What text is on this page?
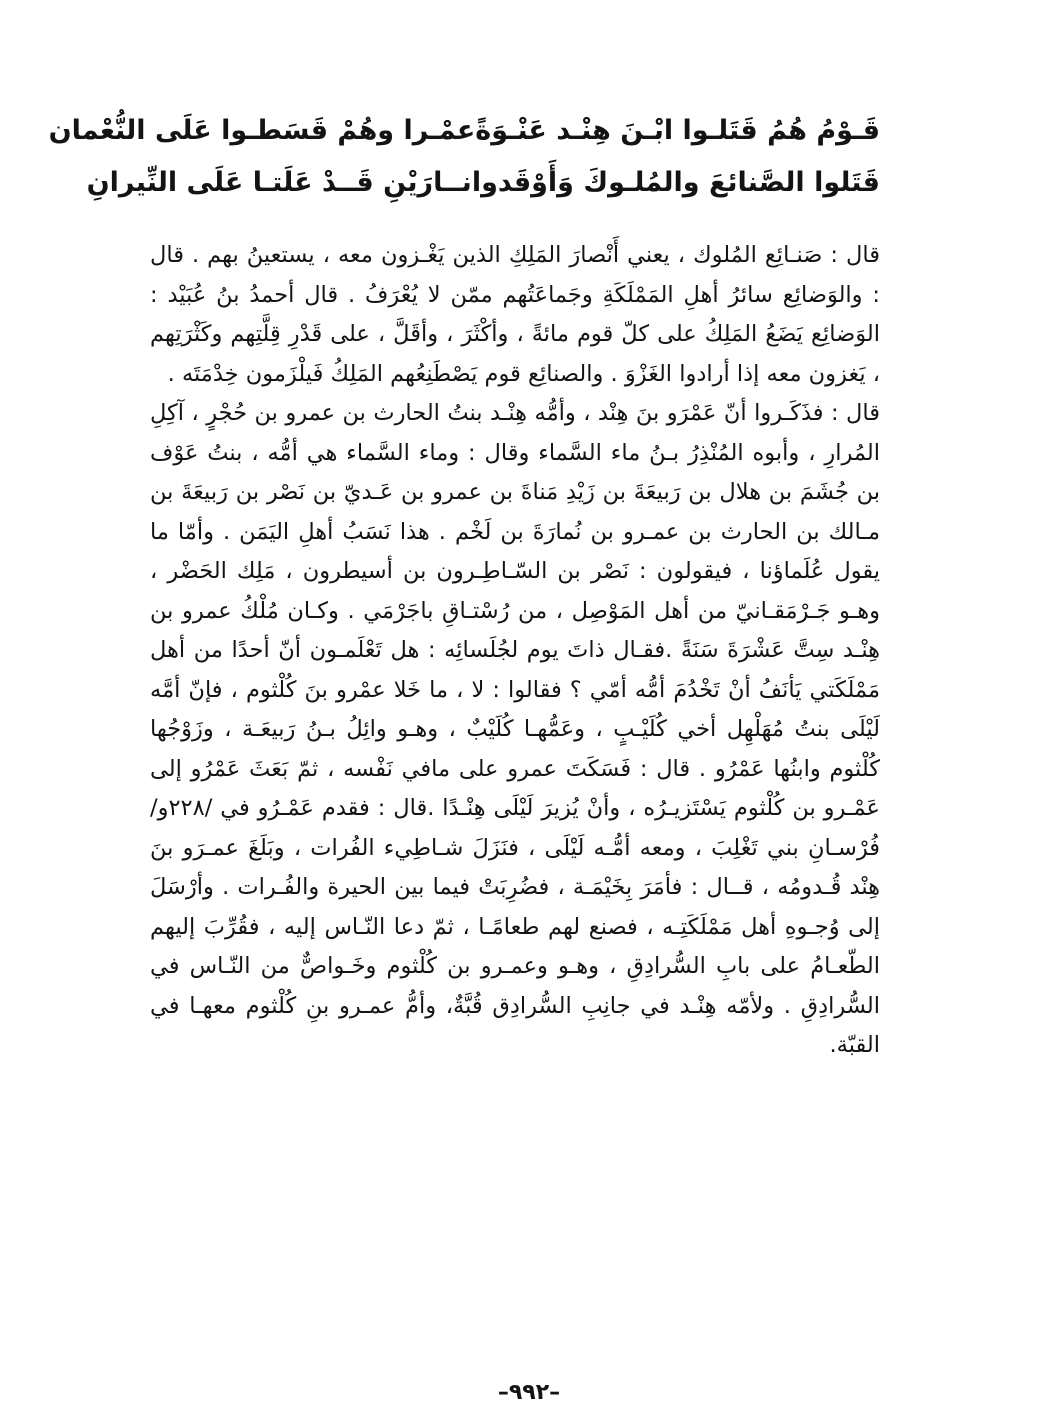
قَـوْمُ هُمُ قَتَلـوا ابْـنَ هِنْـد عَنْـوَةً
عمْـرا وهُمْ قَسَطـوا عَلَى النُّعْمان
قَتَلوا الصَّنائعَ والمُلـوكَ وَأَوْقَدوا
نــارَيْنِ قَــدْ عَلَتـا عَلَى النِّيرانِ

قال : صَنـائِع المُلوك ، يعني أَنْصارَ المَلِكِ الذين يَغْـزون معه ، يستعينُ بهم . قال : والوَضائِع سائرُ أهلِ المَمْلَكَةِ وجَماعَتُهم ممّن لا يُعْرَفُ . قال أحمدُ بنُ عُبَيْد : الوَضائِع يَضَعُ المَلِكُ على كلّ قوم مائةً ، وأكْثَرَ ، وأقَلَّ ، على قَدْرِ قِلَّتِهم وكَثْرَتِهم ، يَغزون معه إذا أرادوا الغَزْوَ . والصنائِع قوم يَصْطَنِعُهم المَلِكُ فَيلْزَمون خِدْمَتَه .

قال : فذَكَـروا أنّ عَمْرَو بنَ هِنْد ، وأمُّه هِنْـد بنتُ الحارث بن عمرو بن حُجْرٍ ، آكِلِ المُرارِ ، وأبوه المُنْذِرُ بـنُ ماء السَّماء وقال : وماء السَّماء هي أمُّه ، بنتُ عَوْف بن جُشَمَ بن هلال بن رَبيعَةَ بن زَيْدِ مَناةَ بن عمرو بن عَـديّ بن نَصْر بن رَبيعَةَ بن مـالك بن الحارث بن عمـرو بن نُمارَةَ بن لَخْم . هذا نَسَبُ أهلِ اليَمَن . وأمّا ما يقول عُلَماؤنا ، فيقولون : نَصْر بن السّـاطِـرون بن أسيطرون ، مَلِك الحَضْر ، وهـو جَـرْمَقـانيّ من أهل المَوْصِل ، من رُسْتـاقِ باجَرْمَي . وكـان مُلْكُ عمرو بن هِنْـد سِتَّ عَشْرَةَ سَنَةً .فقـال ذاتَ يوم لجُلَسائِه : هل تَعْلَمـون أنّ أحدًا من أهل مَمْلَكَتي يَأنَفُ أنْ تَخْدُمَ أمُّه أمّي ؟ فقالوا : لا ، ما خَلا عمْرو بنَ كُلْثوم ، فإنّ أمَّه لَيْلَى بنتُ مُهَلْهِل أخي كُلَيْـبٍ ، وعَمُّهـا كُلَيْبٌ ، وهـو وائِلُ بـنُ رَبيعَـة ، وزَوْجُها كُلْثوم وابنُها عَمْرُو . قال : فَسَكَتَ عمرو على مافي نَفْسه ، ثمّ بَعَثَ عَمْرُو إلى عَمْـرو بن كُلْثوم يَسْتَزيـرُه ، وأنْ يُزيرَ لَيْلَى هِنْـدًا .قال : فقدم عَمْـرُو في /٢٢٨و/ فُرْسـانِ بني تَغْلِبَ ، ومعه أمُّـه لَيْلَى ، فنَزَلَ شـاطِيء الفُرات ، وبَلَغَ عمـرَو بنَ هِنْد قُـدومُه ، قــال : فأمَرَ بِخَيْمَـة ، فضُرِبَتْ فيما بين الحيرة والفُـرات . وأرْسَلَ إلى وُجـوهِ أهل مَمْلَكَتِـه ، فصنع لهم طعامًـا ، ثمّ دعا النّـاس إليه ، فقُرِّبَ إليهم الطّعـامُ على بابِ السُّرادِقِ ، وهـو وعمـرو بن كُلْثوم وخَـواصٌّ من النّـاس في السُّرادِقِ . ولأمّه هِنْـد في جانِبِ السُّرادِق قُبَّةٌ، وأمُّ عمـرو بنِ كُلْثوم معهـا في القبّة.

–٩٩٢–
